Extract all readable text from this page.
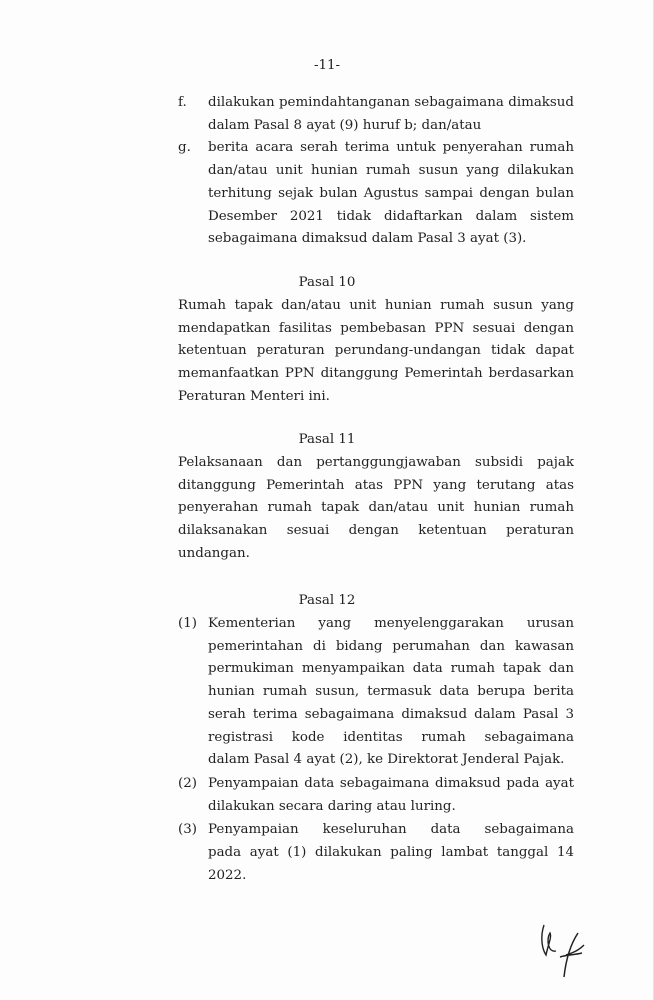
-11-
f. dilakukan pemindahtanganan sebagaimana dimaksud
dalam Pasal 8 ayat (9) huruf b; dan/atau
g. berita acara serah terima untuk penyerahan rumah
dan/atau unit hunian rumah susun yang dilakukan
terhitung sejak bulan Agustus sampai dengan bulan
Desember 2021 tidak didaftarkan dalam sistem
sebagaimana dimaksud dalam Pasal 3 ayat (3).
Pasal 10
Rumah tapak dan/atau unit hunian rumah susun yang
mendapatkan fasilitas pembebasan PPN sesuai dengan
ketentuan peraturan perundang-undangan tidak dapat
memanfaatkan PPN ditanggung Pemerintah berdasarkan
Peraturan Menteri ini.
Pasal 11
Pelaksanaan dan pertanggungjawaban subsidi pajak
ditanggung Pemerintah atas PPN yang terutang atas
penyerahan rumah tapak dan/atau unit hunian rumah
dilaksanakan sesuai dengan ketentuan peraturan
undangan.
Pasal 12
(1) Kementerian yang menyelenggarakan urusan
pemerintahan di bidang perumahan dan kawasan
permukiman menyampaikan data rumah tapak dan
hunian rumah susun, termasuk data berupa berita
serah terima sebagaimana dimaksud dalam Pasal 3
registrasi kode identitas rumah sebagaimana
dalam Pasal 4 ayat (2), ke Direktorat Jenderal Pajak.
(2) Penyampaian data sebagaimana dimaksud pada ayat
dilakukan secara daring atau luring.
(3) Penyampaian keseluruhan data sebagaimana
pada ayat (1) dilakukan paling lambat tanggal 14
2022.
